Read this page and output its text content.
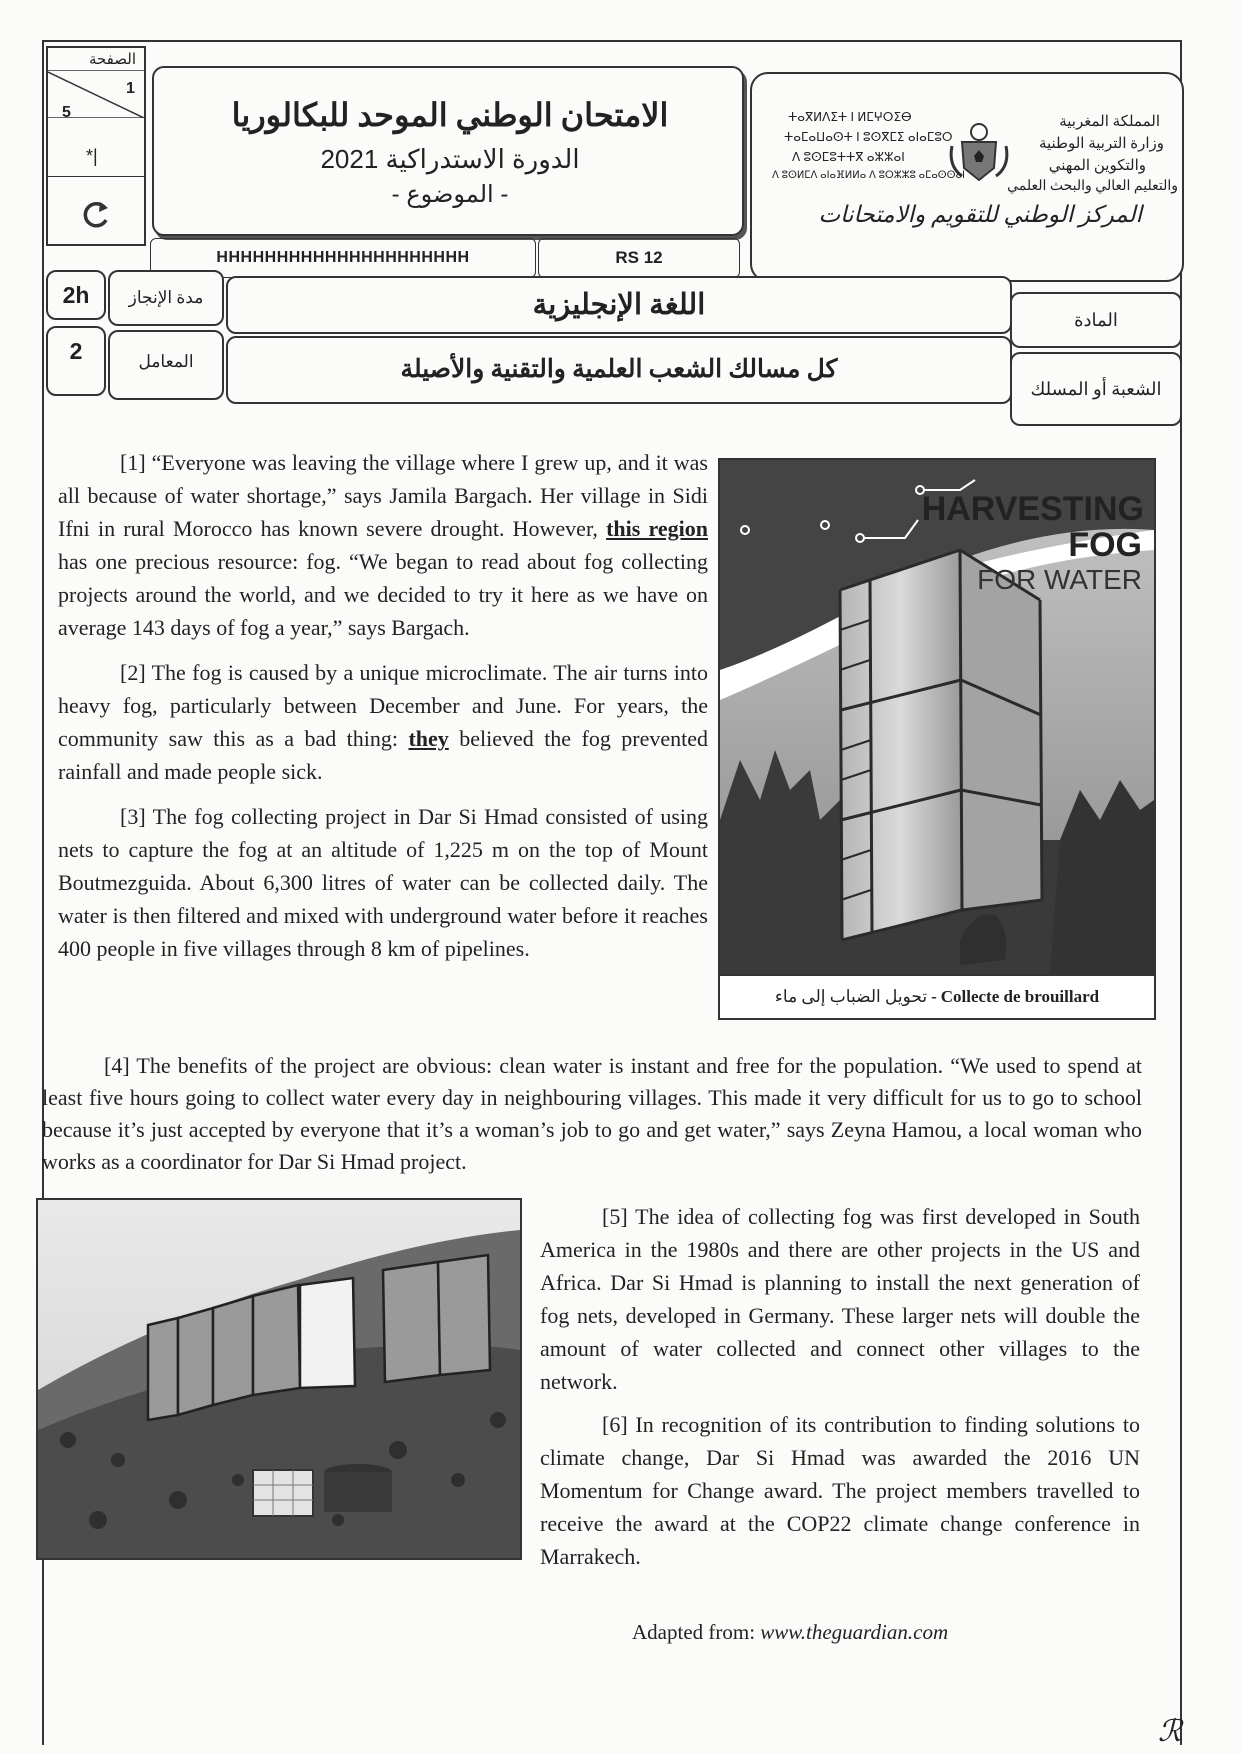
الصفحة
1
5
*|
الامتحان الوطني الموحد للبكالوريا
الدورة الاستدراكية 2021
- الموضوع -
HHHHHHHHHHHHHHHHHHHHH	RS 12
ⵜⴰⴳⵍⴷⵉⵜ ⵏ ⵍⵎⵖⵔⵉⴱ
ⵜⴰⵎⴰⵡⴰⵙⵜ ⵏ ⵓⵙⴳⵎⵉ ⴰⵏⴰⵎⵓⵔ
ⴷ ⵓⵙⵎⵓⵜⵜⴳ ⴰⵣⵣⴰⵏ
ⴷ ⵓⵙⵍⵎⴷ ⴰⵏⴰⴼⵍⵍⴰ ⴷ ⵓⵔⵣⵣⵓ ⴰⵎⴰⵙⵙⴰⵏ
المملكة المغربية
وزارة التربية الوطنية
والتكوين المهني
والتعليم العالي والبحث العلمي
المركز الوطني للتقويم والامتحانات
2h	مدة الإنجاز	اللغة الإنجليزية	المادة
2	المعامل	كل مسالك الشعب العلمية والتقنية والأصيلة
الشعبة أو المسلك
HARVESTING
FOG
FOR WATER
تحويل الضباب إلى ماء - Collecte de brouillard

[1] “Everyone was leaving the village where I grew up, and it was all because of water shortage,” says Jamila Bargach. Her village in Sidi Ifni in rural Morocco has known severe drought. However, this region has one precious resource: fog. “We began to read about fog collecting projects around the world, and we decided to try it here as we have on average 143 days of fog a year,” says Bargach.

[2] The fog is caused by a unique microclimate. The air turns into heavy fog, particularly between December and June. For years, the community saw this as a bad thing: they believed the fog prevented rainfall and made people sick.

[3] The fog collecting project in Dar Si Hmad consisted of using nets to capture the fog at an altitude of 1,225 m on the top of Mount Boutmezguida. About 6,300 litres of water can be collected daily. The water is then filtered and mixed with underground water before it reaches 400 people in five villages through 8 km of pipelines.

[4] The benefits of the project are obvious: clean water is instant and free for the population. “We used to spend at least five hours going to collect water every day in neighbouring villages. This made it very difficult for us to go to school because it’s just accepted by everyone that it’s a woman’s job to go and get water,” says Zeyna Hamou, a local woman who works as a coordinator for Dar Si Hmad project.

[5] The idea of collecting fog was first developed in South America in the 1980s and there are other projects in the US and Africa. Dar Si Hmad is planning to install the next generation of fog nets, developed in Germany. These larger nets will double the amount of water collected and connect other villages to the network.

[6] In recognition of its contribution to finding solutions to climate change, Dar Si Hmad was awarded the 2016 UN Momentum for Change award. The project members travelled to receive the award at the COP22 climate change conference in Marrakech.

Adapted from: www.theguardian.com
ℛ
